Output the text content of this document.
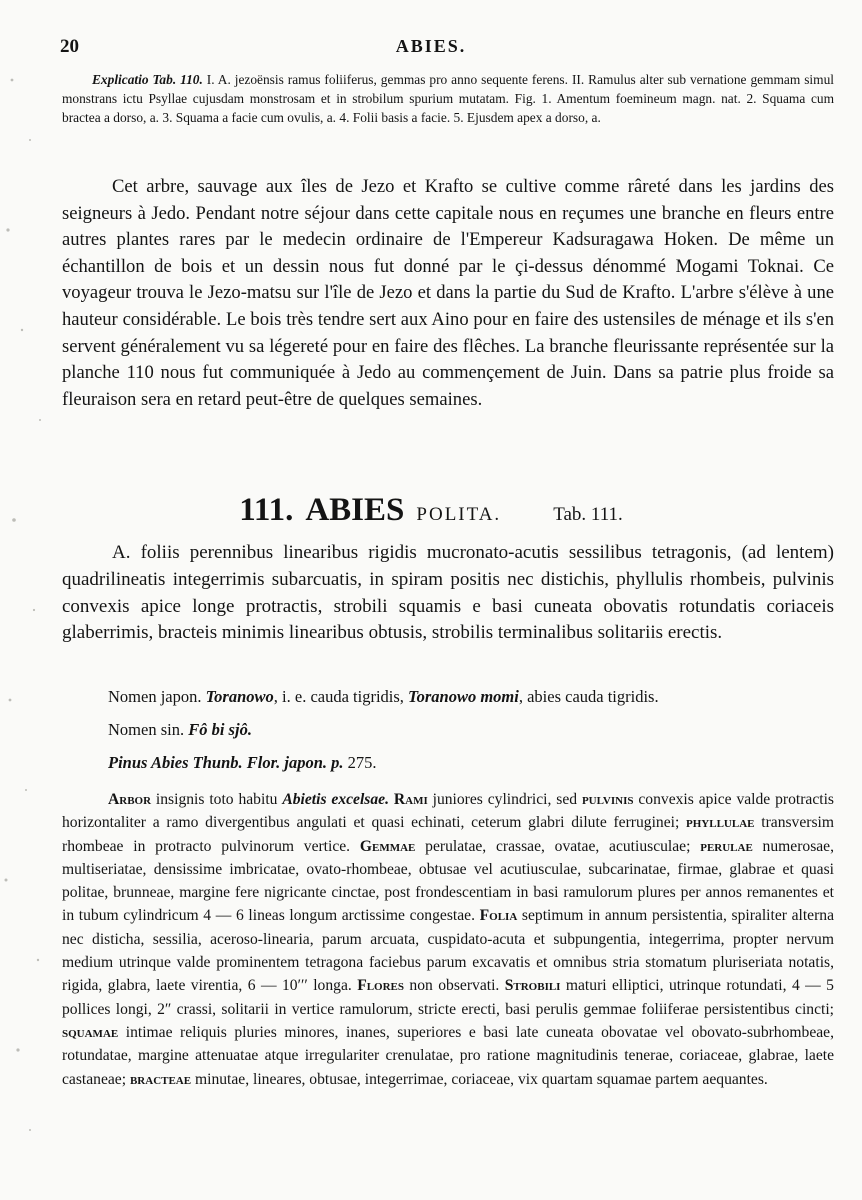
20	ABIES.
Explicatio Tab. 110. I. A. jezoënsis ramus foliiferus, gemmas pro anno sequente ferens. II. Ramulus alter sub vernatione gemmam simul monstrans ictu Psyllae cujusdam monstrosam et in strobilum spurium mutatam. Fig. 1. Amentum foemineum magn. nat. 2. Squama cum bractea a dorso, a. 3. Squama a facie cum ovulis, a. 4. Folii basis a facie. 5. Ejusdem apex a dorso, a.
Cet arbre, sauvage aux îles de Jezo et Krafto se cultive comme râreté dans les jardins des seigneurs à Jedo. Pendant notre séjour dans cette capitale nous en reçumes une branche en fleurs entre autres plantes rares par le medecin ordinaire de l'Empereur Kadsuragawa Hoken. De même un échantillon de bois et un dessin nous fut donné par le çi-dessus dénommé Mogami Toknai. Ce voyageur trouva le Jezo-matsu sur l'île de Jezo et dans la partie du Sud de Krafto. L'arbre s'élève à une hauteur considérable. Le bois très tendre sert aux Aino pour en faire des ustensiles de ménage et ils s'en servent généralement vu sa légereté pour en faire des flêches. La branche fleurissante représentée sur la planche 110 nous fut communiquée à Jedo au commençement de Juin. Dans sa patrie plus froide sa fleuraison sera en retard peut-être de quelques semaines.
111. ABIES POLITA.	Tab. 111.
A. foliis perennibus linearibus rigidis mucronato-acutis sessilibus tetragonis, (ad lentem) quadrilineatis integerrimis subarcuatis, in spiram positis nec distichis, phyllulis rhombeis, pulvinis convexis apice longe protractis, strobili squamis e basi cuneata obovatis rotundatis coriaceis glaberrimis, bracteis minimis linearibus obtusis, strobilis terminalibus solitariis erectis.
Nomen japon. Toranowo, i. e. cauda tigridis, Toranowo momi, abies cauda tigridis.
Nomen sin. Fô bi sjô.
Pinus Abies Thunb. Flor. japon. p. 275.
Arbor insignis toto habitu Abietis excelsae. Rami juniores cylindrici, sed pulvinis convexis apice valde protractis horizontaliter a ramo divergentibus angulati et quasi echinati, ceterum glabri dilute ferruginei; phyllulae transversim rhombeae in protracto pulvinorum vertice. Gemmae perulatae, crassae, ovatae, acutiusculae; perulae numerosae, multiseriatae, densissime imbricatae, ovato-rhombeae, obtusae vel acutiusculae, subcarinatae, firmae, glabrae et quasi politae, brunneae, margine fere nigricante cinctae, post frondescentiam in basi ramulorum plures per annos remanentes et in tubum cylindricum 4 — 6 lineas longum arctissime congestae. Folia septimum in annum persistentia, spiraliter alterna nec disticha, sessilia, aceroso-linearia, parum arcuata, cuspidato-acuta et subpungentia, integerrima, propter nervum medium utrinque valde prominentem tetragona faciebus parum excavatis et omnibus stria stomatum pluriseriata notatis, rigida, glabra, laete virentia, 6 — 10′′′ longa. Flores non observati. Strobili maturi elliptici, utrinque rotundati, 4 — 5 pollices longi, 2″ crassi, solitarii in vertice ramulorum, stricte erecti, basi perulis gemmae foliiferae persistentibus cincti; squamae intimae reliquis pluries minores, inanes, superiores e basi late cuneata obovatae vel obovato-subrhombeae, rotundatae, margine attenuatae atque irregulariter crenulatae, pro ratione magnitudinis tenerae, coriaceae, glabrae, laete castaneae; bracteae minutae, lineares, obtusae, integerrimae, coriaceae, vix quartam squamae partem aequantes.
